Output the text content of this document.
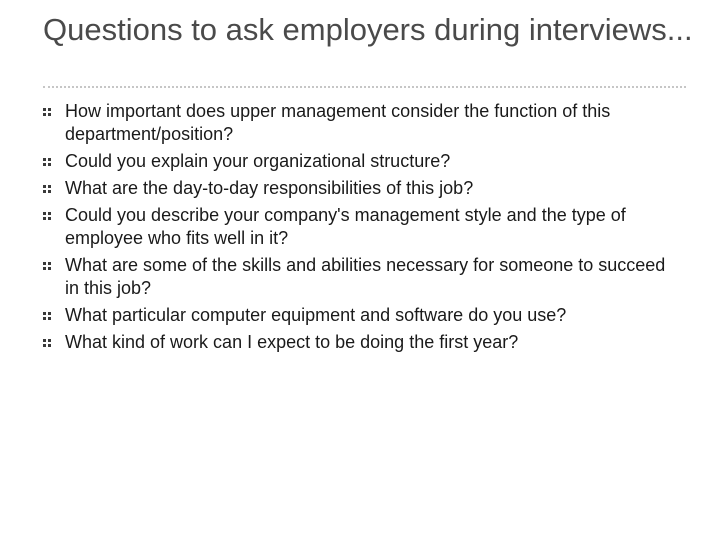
Questions to ask employers during interviews...
How important does upper management consider the function of this department/position?
Could you explain your organizational structure?
What are the day-to-day responsibilities of this job?
Could you describe your company's management style and the type of employee who fits well in it?
What are some of the skills and abilities necessary for someone to succeed in this job?
What particular computer equipment and software do you use?
What kind of work can I expect to be doing the first year?
